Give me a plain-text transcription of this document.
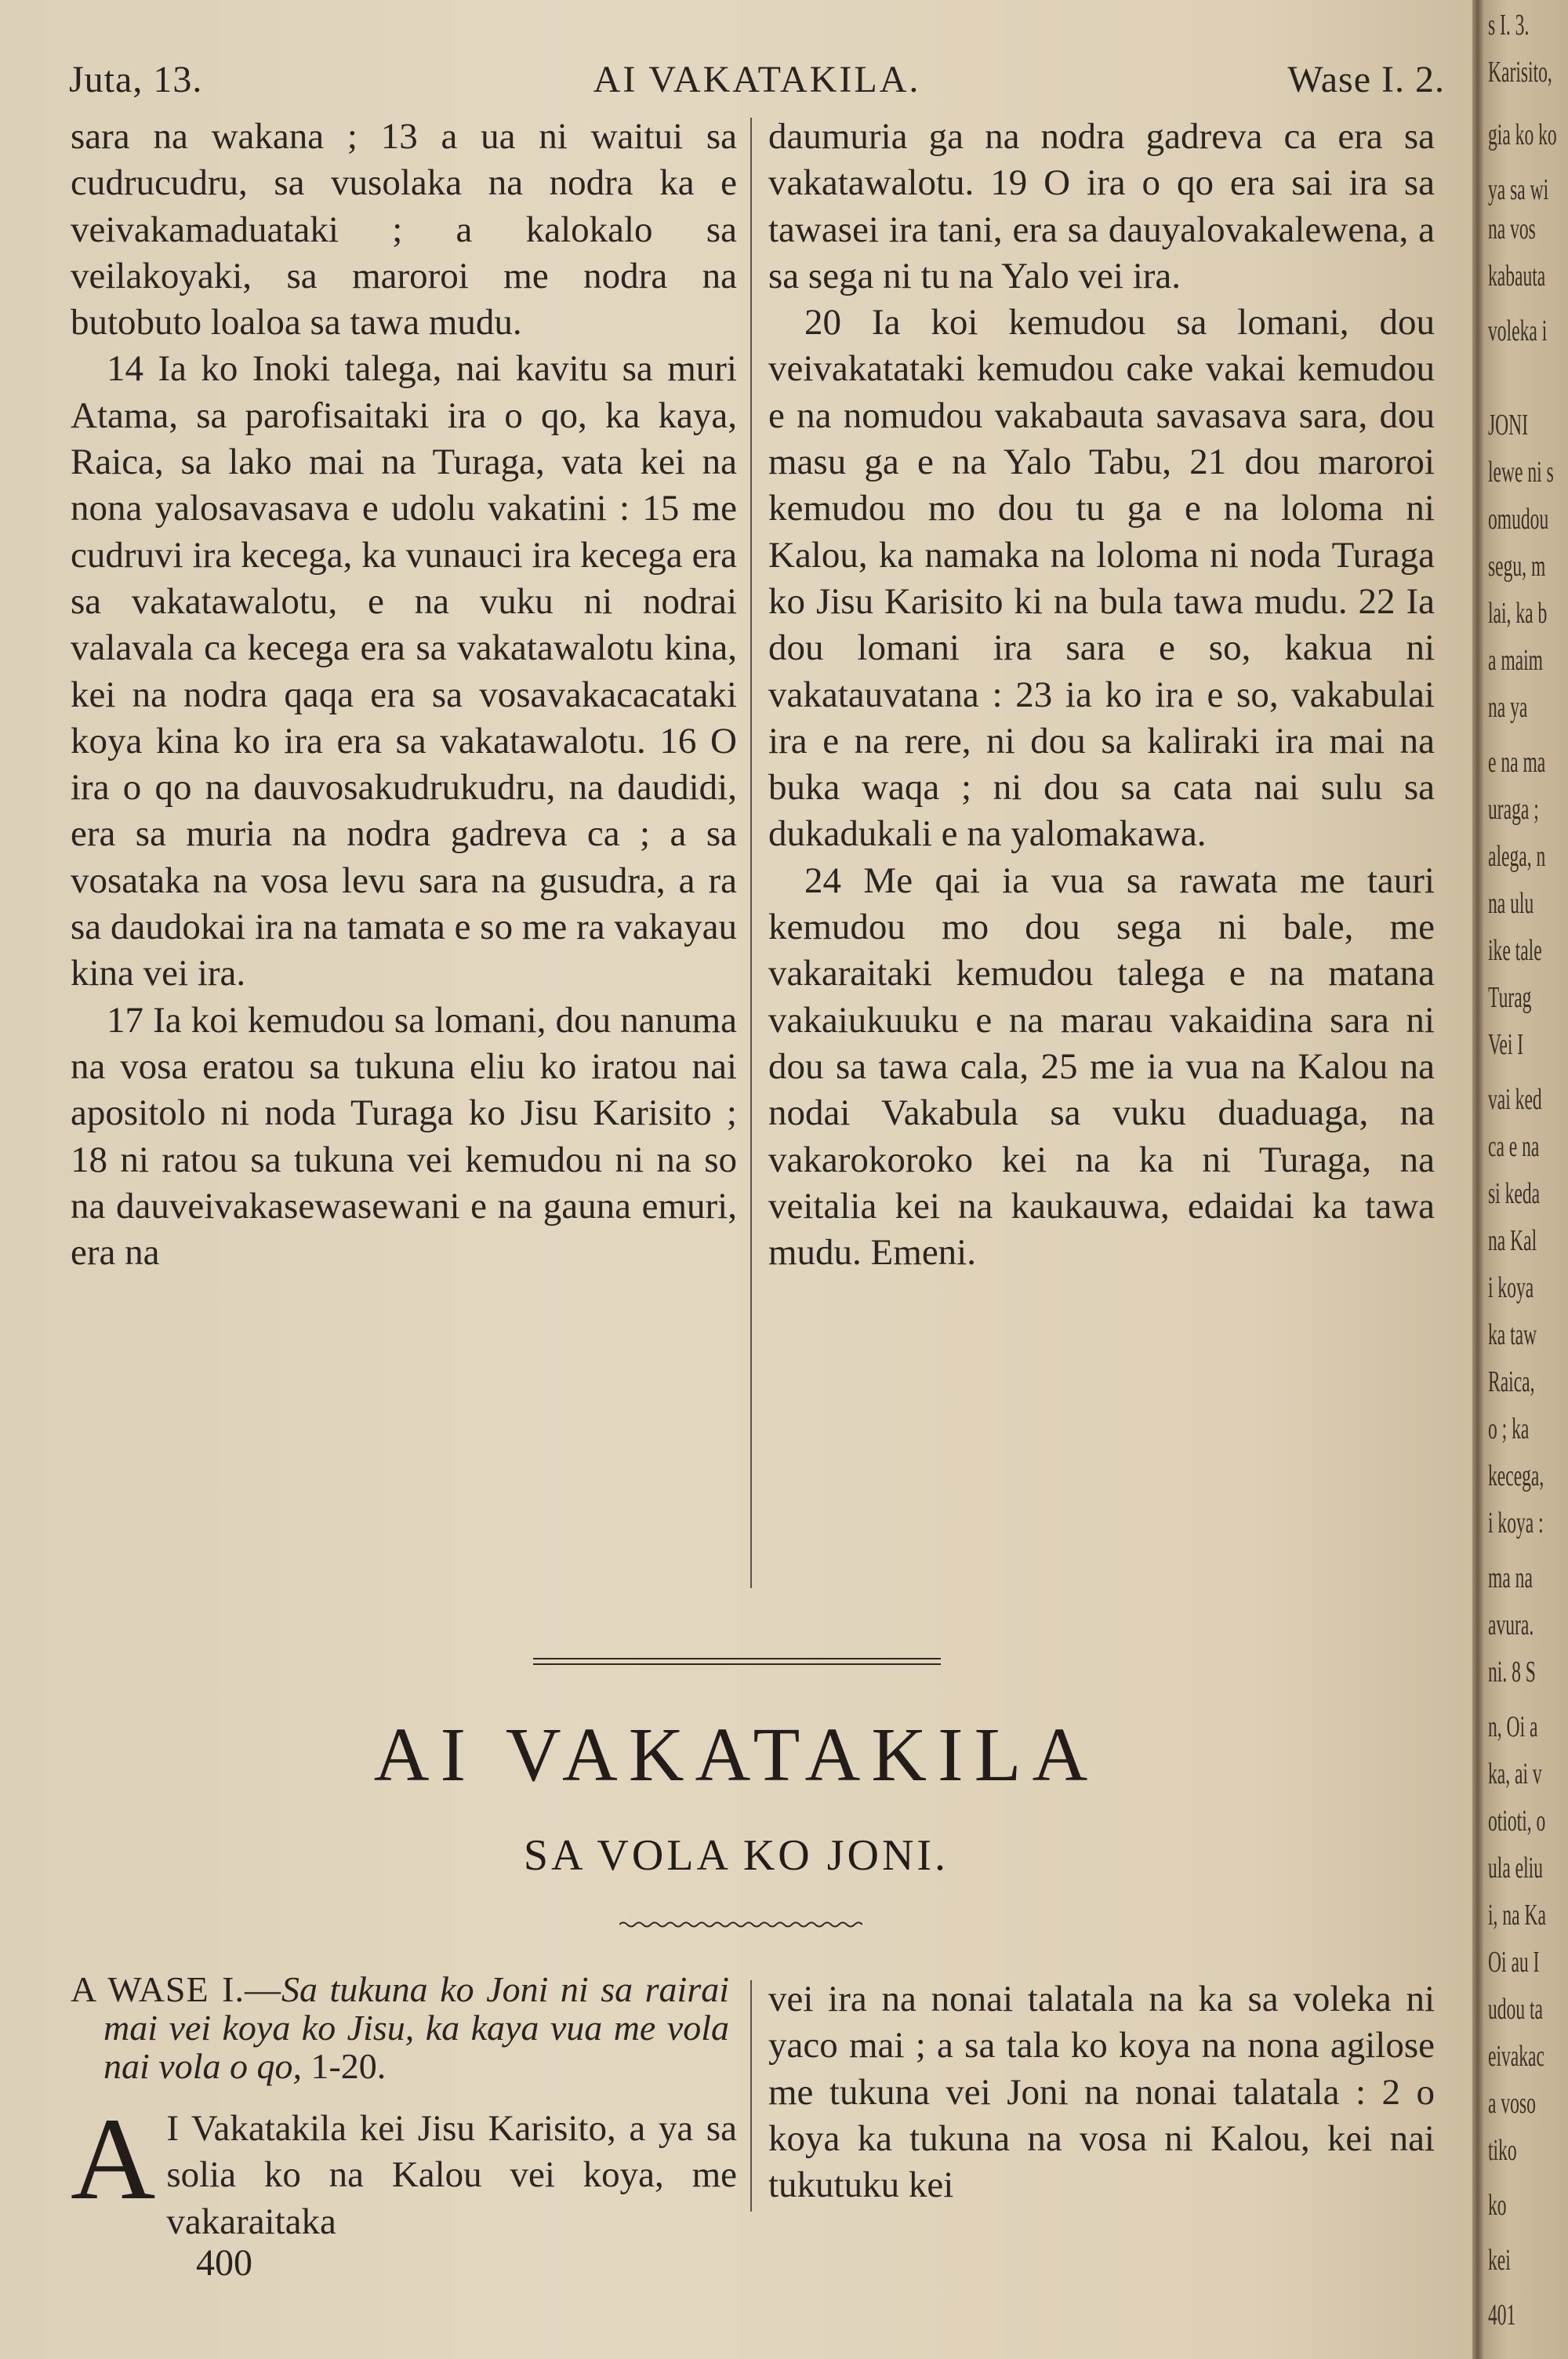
Juta, 13.	AI VAKATAKILA.	Wase I. 2.

sara na wakana ; 13 a ua ni waitui sa cudrucudru, sa vusolaka na nodra ka e veivakamaduataki ; a kalokalo sa veilakoyaki, sa maroroi me nodra na butobuto loaloa sa tawa mudu.

14 Ia ko Inoki talega, nai kavitu sa muri Atama, sa parofisaitaki ira o qo, ka kaya, Raica, sa lako mai na Turaga, vata kei na nona yalosavasava e udolu vakatini : 15 me cudruvi ira kecega, ka vunauci ira kecega era sa vakatawalotu, e na vuku ni nodrai valavala ca kecega era sa vakatawalotu kina, kei na nodra qaqa era sa vosavakacacataki koya kina ko ira era sa vakatawalotu. 16 O ira o qo na dauvosakudrukudru, na daudidi, era sa muria na nodra gadreva ca ; a sa vosataka na vosa levu sara na gusudra, a ra sa daudokai ira na tamata e so me ra vakayau kina vei ira.

17 Ia koi kemudou sa lomani, dou nanuma na vosa eratou sa tukuna eliu ko iratou nai apositolo ni noda Turaga ko Jisu Karisito ; 18 ni ratou sa tukuna vei kemudou ni na so na dauveivakasewasewani e na gauna emuri, era na

daumuria ga na nodra gadreva ca era sa vakatawalotu. 19 O ira o qo era sai ira sa tawasei ira tani, era sa dauyalovakalewena, a sa sega ni tu na Yalo vei ira.

20 Ia koi kemudou sa lomani, dou veivakatataki kemudou cake vakai kemudou e na nomudou vakabauta savasava sara, dou masu ga e na Yalo Tabu, 21 dou maroroi kemudou mo dou tu ga e na loloma ni Kalou, ka namaka na loloma ni noda Turaga ko Jisu Karisito ki na bula tawa mudu. 22 Ia dou lomani ira sara e so, kakua ni vakatauvatana : 23 ia ko ira e so, vakabulai ira e na rere, ni dou sa kaliraki ira mai na buka waqa ; ni dou sa cata nai sulu sa dukadukali e na yalomakawa.

24 Me qai ia vua sa rawata me tauri kemudou mo dou sega ni bale, me vakaraitaki kemudou talega e na matana vakaiukuuku e na marau vakaidina sara ni dou sa tawa cala, 25 me ia vua na Kalou na nodai Vakabula sa vuku duaduaga, na vakarokoroko kei na ka ni Turaga, na veitalia kei na kaukauwa, edaidai ka tawa mudu. Emeni.

AI VAKATAKILA
SA VOLA KO JONI.
A WASE I.—Sa tukuna ko Joni ni sa rairai mai vei koya ko Jisu, ka kaya vua me vola nai vola o qo, 1-20.

A I Vakatakila kei Jisu Karisito, a ya sa solia ko na Kalou vei koya, me vakaraitaka

vei ira na nonai talatala na ka sa voleka ni yaco mai ; a sa tala ko koya na nona agilose me tukuna vei Joni na nonai talatala : 2 o koya ka tukuna na vosa ni Kalou, kei nai tukutuku kei

400
s I. 3.
Karisito,
gia ko ko
ya sa wi
na vos
kabauta
voleka i
JONI
lewe ni s
omudou
segu, m
lai, ka b
a maim
na ya
e na ma
uraga ;
alega, n
na ulu
ike tale
Turag
Vei I
vai ked
ca e na
si keda
na Kal
i koya
ka taw
Raica,
o ; ka
kecega,
i koya :
ma na
avura.
ni. 8 S
n, Oi a
ka, ai v
otioti, o
ula eliu
i, na Ka
Oi au I
udou ta
eivakac
a voso
tiko
ko
kei
401
